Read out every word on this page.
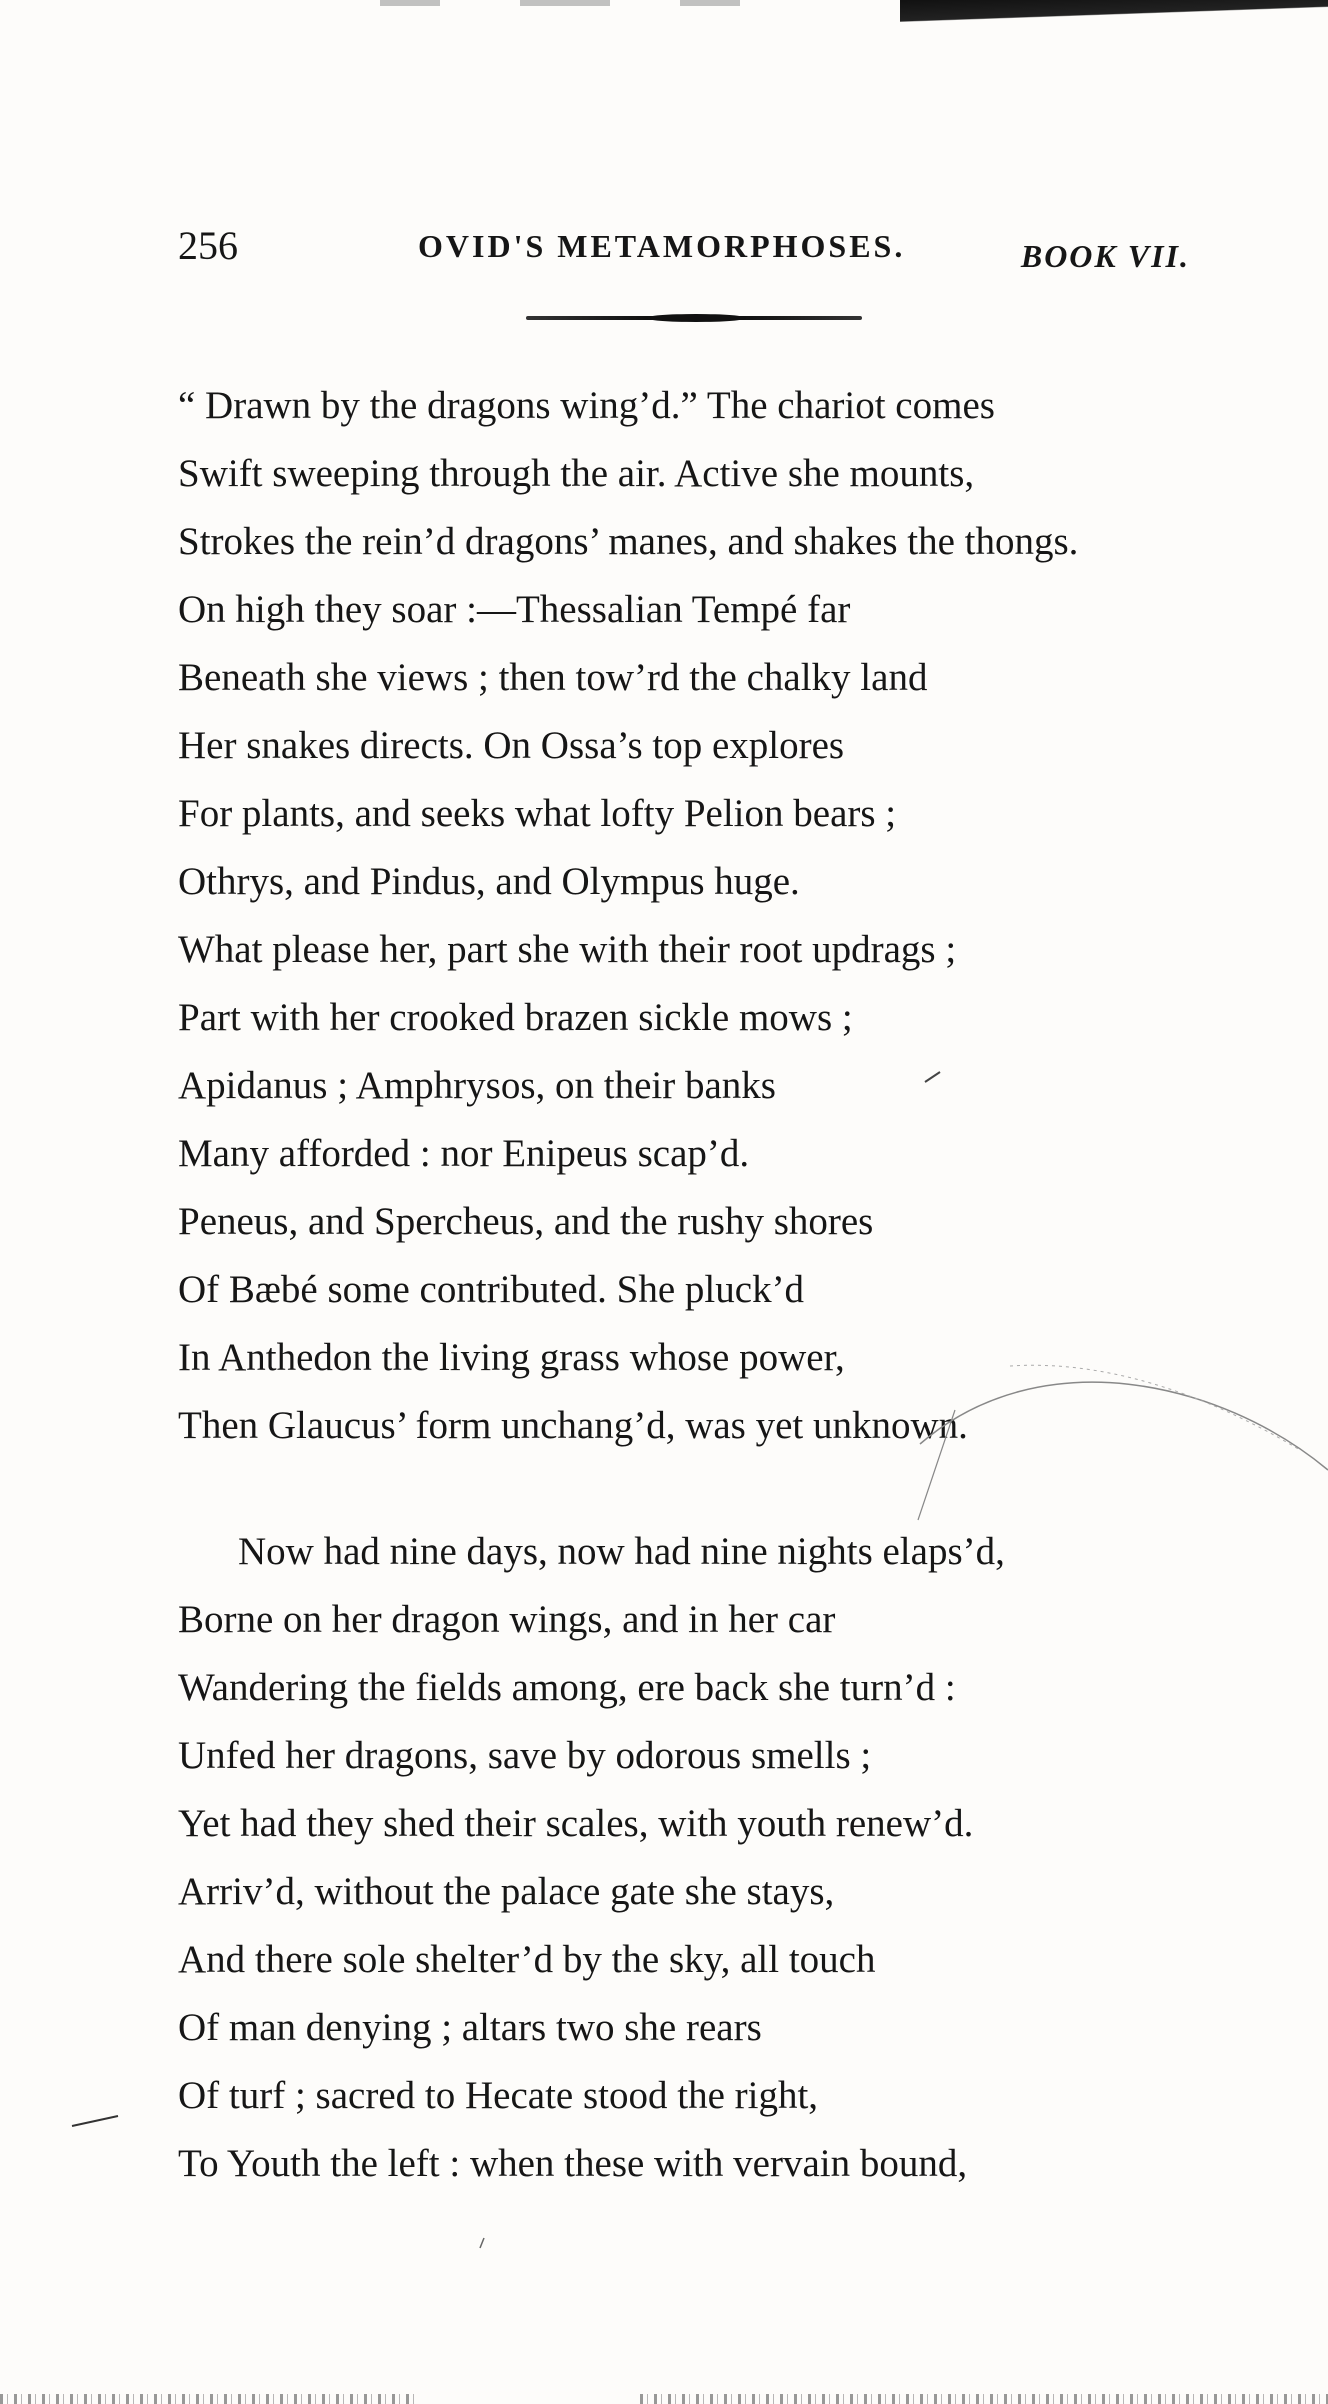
256	OVID'S METAMORPHOSES.	BOOK VII.
“ Drawn by the dragons wing’d.” The chariot comes
Swift sweeping through the air. Active she mounts,
Strokes the rein’d dragons’ manes, and shakes the thongs.
On high they soar :—Thessalian Tempé far
Beneath she views ; then tow’rd the chalky land
Her snakes directs. On Ossa’s top explores
For plants, and seeks what lofty Pelion bears ;
Othrys, and Pindus, and Olympus huge.
What please her, part she with their root updrags ;
Part with her crooked brazen sickle mows ;
Apidanus ; Amphrysos, on their banks
Many afforded : nor Enipeus scap’d.
Peneus, and Spercheus, and the rushy shores
Of Bæbé some contributed. She pluck’d
In Anthedon the living grass whose power,
Then Glaucus’ form unchang’d, was yet unknown.
Now had nine days, now had nine nights elaps’d,
Borne on her dragon wings, and in her car
Wandering the fields among, ere back she turn’d :
Unfed her dragons, save by odorous smells ;
Yet had they shed their scales, with youth renew’d.
Arriv’d, without the palace gate she stays,
And there sole shelter’d by the sky, all touch
Of man denying ; altars two she rears
Of turf ; sacred to Hecate stood the right,
To Youth the left : when these with vervain bound,
